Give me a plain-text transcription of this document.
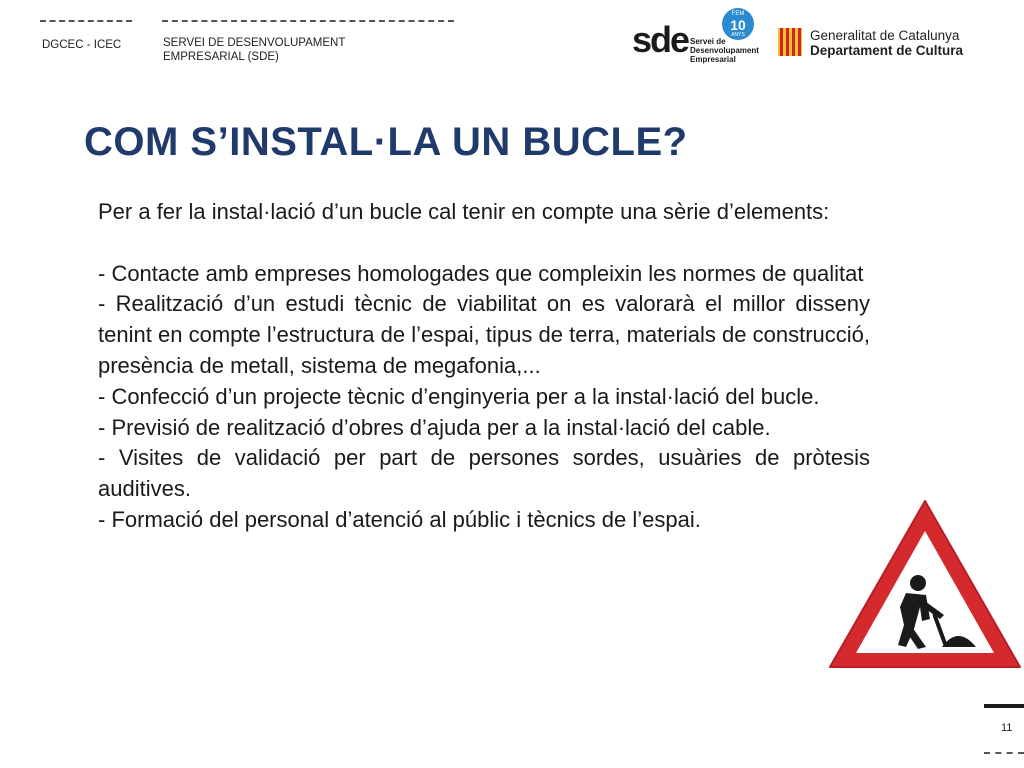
DGCEC - ICEC	SERVEI DE DESENVOLUPAMENT EMPRESARIAL (SDE)	sde Servei de
Desenvolupament
Empresarial
FEM
10
ANYS	Generalitat de Catalunya
Departament de Cultura
COM S’INSTAL·LA UN BUCLE?

Per a fer la instal·lació d’un bucle cal tenir en compte una sèrie d’elements:

- Contacte amb empreses homologades que compleixin les normes de qualitat

- Realització d’un estudi tècnic de viabilitat on es valorarà el millor disseny tenint en compte l’estructura de l’espai, tipus de terra, materials de construcció, presència de metall, sistema de megafonia,...

- Confecció d’un projecte tècnic d’enginyeria per a la instal·lació del bucle.

- Previsió de realització d’obres d’ajuda per a la instal·lació del cable.

- Visites de validació per part de persones sordes, usuàries de pròtesis auditives.

- Formació del personal d’atenció al públic i tècnics de l’espai.

11
